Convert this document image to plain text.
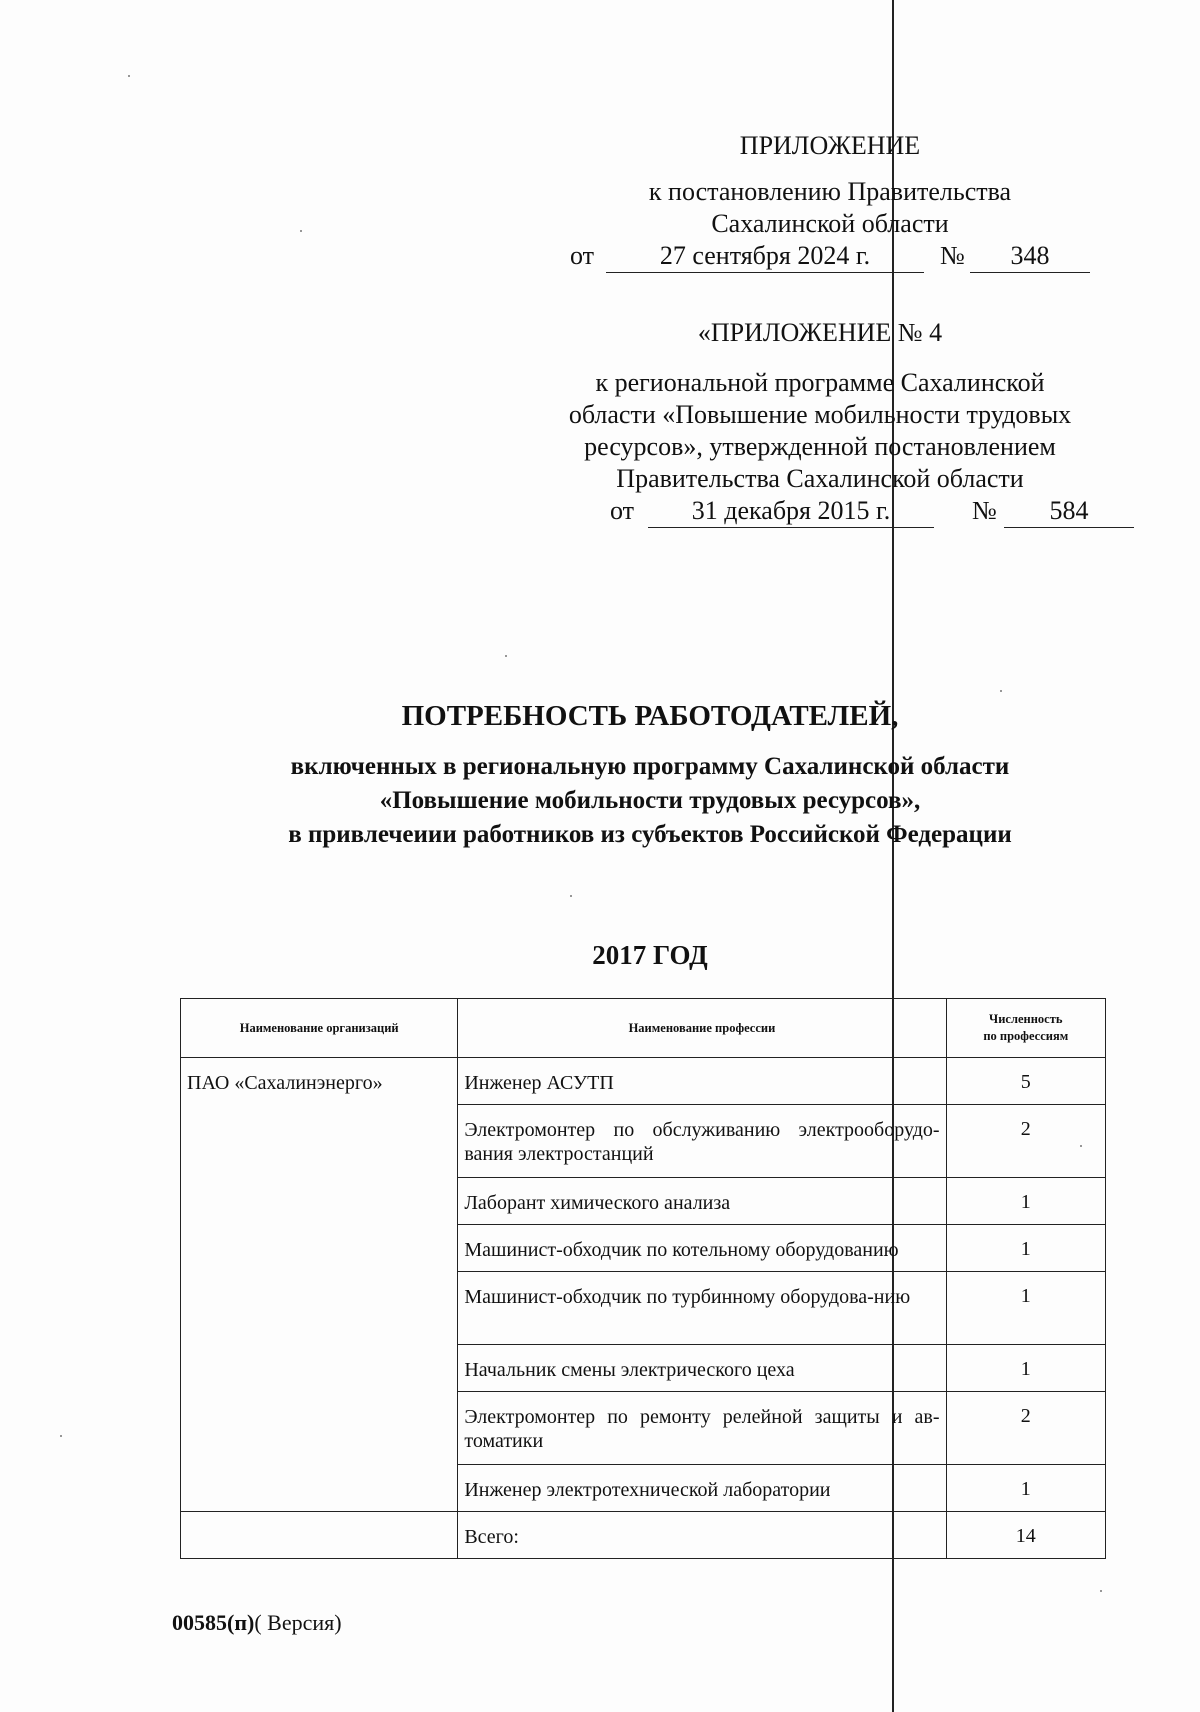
ПРИЛОЖЕНИЕ
к постановлению Правительства
Сахалинской области
от	27 сентября 2024 г.	№	348
«ПРИЛОЖЕНИЕ № 4
к региональной программе Сахалинской
области «Повышение мобильности трудовых
ресурсов», утвержденной постановлением
Правительства Сахалинской области
от	31 декабря 2015 г.	№	584
ПОТРЕБНОСТЬ РАБОТОДАТЕЛЕЙ,
включенных в региональную программу Сахалинской области
«Повышение мобильности трудовых ресурсов»,
в привлечеиии работников из субъектов Российской Федерации
2017 ГОД
Наименование организаций	Наименование профессии	Численность
по профессиям

ПАО «Сахалинэнерго»	Инженер АСУТП	5
	Электромонтер по обслуживанию электрооборудо-вания электростанций	2
	Лаборант химического анализа	1
	Машинист-обходчик по котельному оборудованию	1
	Машинист-обходчик по турбинному оборудова-нию	1
	Начальник смены электрического цеха	1
	Электромонтер по ремонту релейной защиты и ав-томатики	2
	Инженер электротехнической лаборатории	1
	Всего:	14
00585(п)( Версия)
